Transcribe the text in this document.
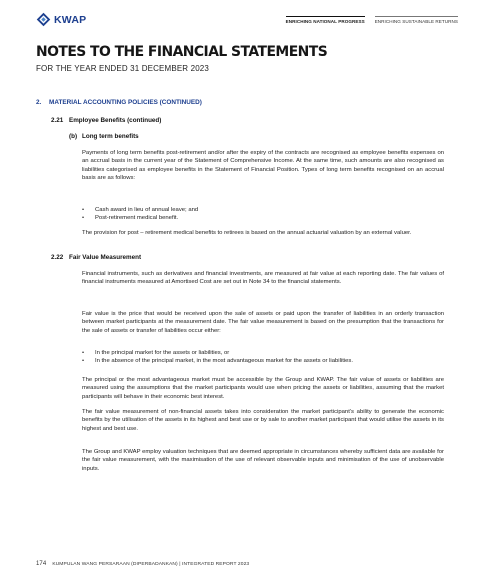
KWAP	ENRICHING NATIONAL PROGRESS ENRICHING SUSTAINABLE RETURNS
NOTES TO THE FINANCIAL STATEMENTS
FOR THE YEAR ENDED 31 DECEMBER 2023
2. MATERIAL ACCOUNTING POLICIES (CONTINUED)
2.21 Employee Benefits (continued)
(b) Long term benefits

Payments of long term benefits post-retirement and/or after the expiry of the contracts are recognised as employee benefits expenses on an accrual basis in the current year of the Statement of Comprehensive Income. At the same time, such amounts are also recognised as liabilities categorised as employee benefits in the Statement of Financial Position. Types of long term benefits recognised on an accrual basis are as follows:

• Cash award in lieu of annual leave; and
• Post-retirement medical benefit.

The provision for post – retirement medical benefits to retirees is based on the annual actuarial valuation by an external valuer.

2.22 Fair Value Measurement

Financial instruments, such as derivatives and financial investments, are measured at fair value at each reporting date. The fair values of financial instruments measured at Amortised Cost are set out in Note 34 to the financial statements.

Fair value is the price that would be received upon the sale of assets or paid upon the transfer of liabilities in an orderly transaction between market participants at the measurement date. The fair value measurement is based on the presumption that the transactions for the sale of assets or transfer of liabilities occur either:

• In the principal market for the assets or liabilities, or
• In the absence of the principal market, in the most advantageous market for the assets or liabilities.

The principal or the most advantageous market must be accessible by the Group and KWAP. The fair value of assets or liabilities are measured using the assumptions that the market participants would use when pricing the assets or liabilities, assuming that the market participants will behave in their economic best interest.

The fair value measurement of non-financial assets takes into consideration the market participant’s ability to generate the economic benefits by the utilisation of the assets in its highest and best use or by sale to another market participant that would utilise the assets in its highest and best use.

The Group and KWAP employ valuation techniques that are deemed appropriate in circumstances whereby sufficient data are available for the fair value measurement, with the maximisation of the use of relevant observable inputs and minimisation of the use of unobservable inputs.

174 KUMPULAN WANG PERSARAAN (DIPERBADANKAN) | INTEGRATED REPORT 2023
